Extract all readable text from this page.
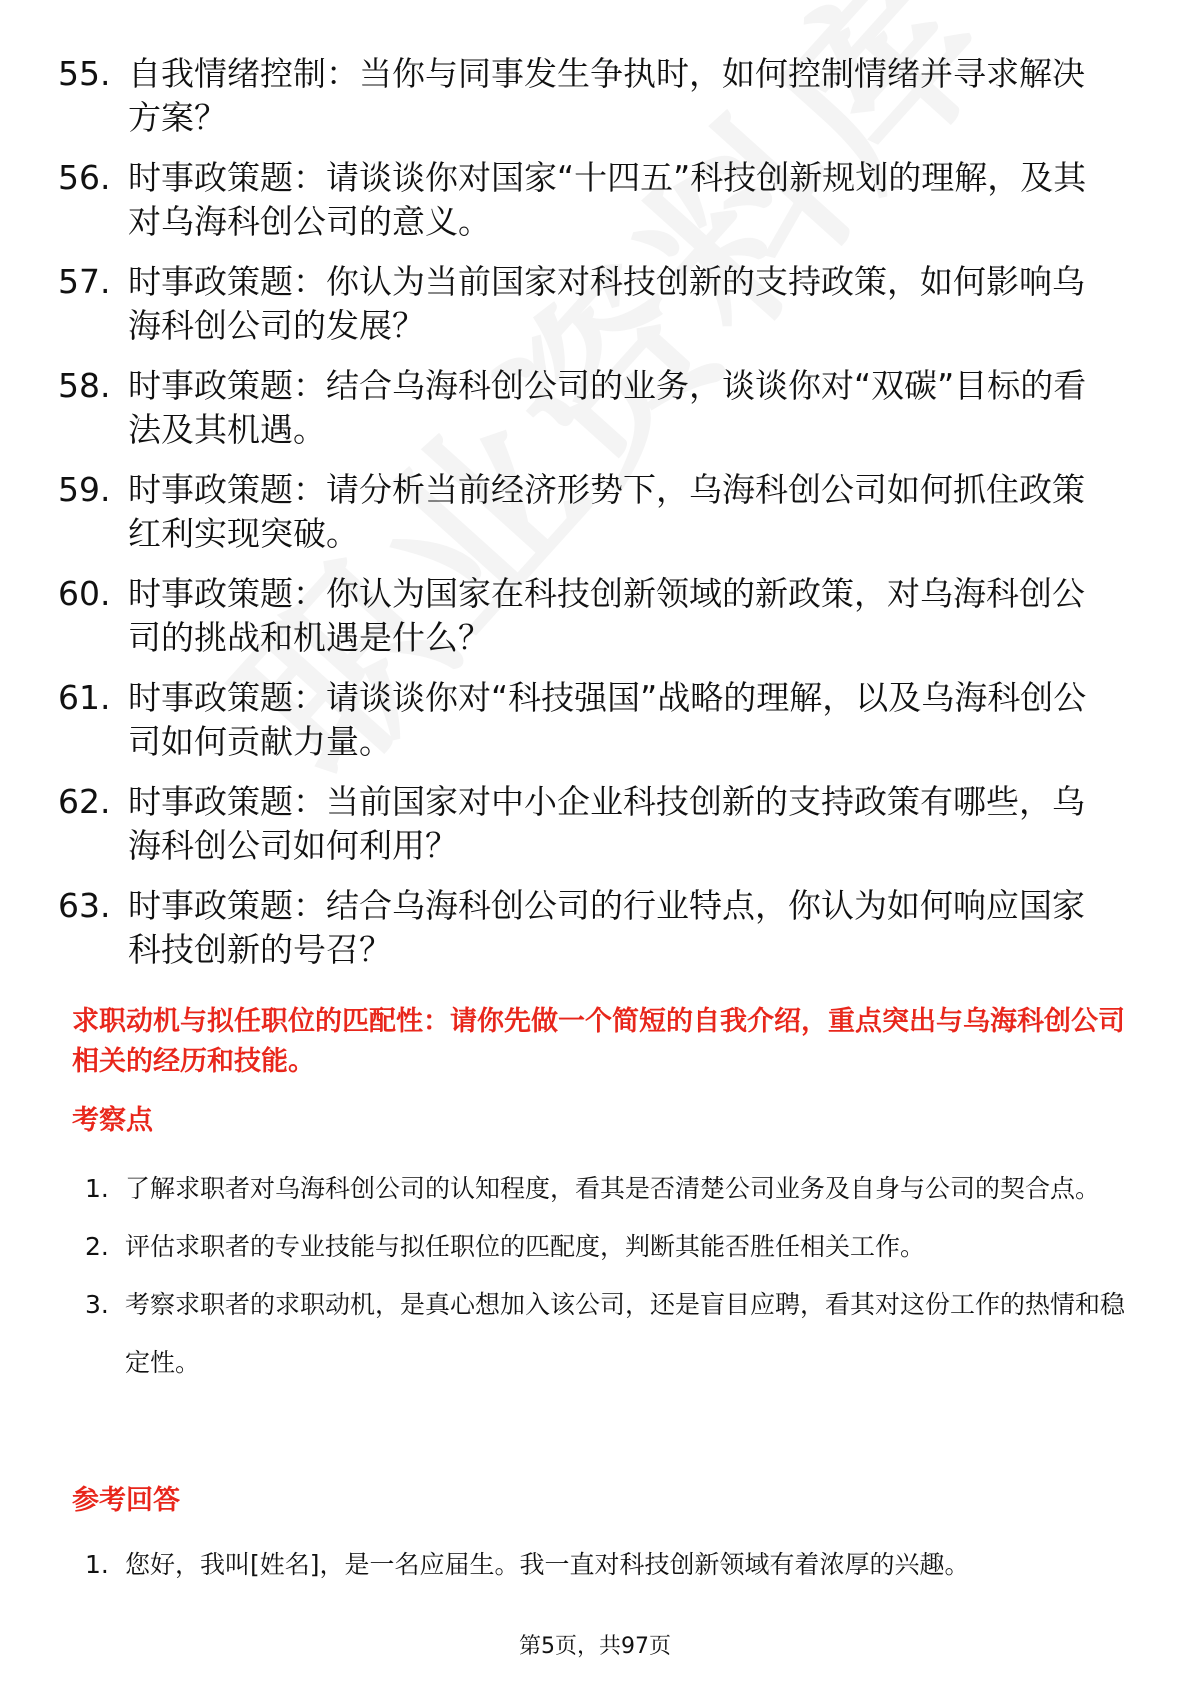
55. 自我情绪控制：当你与同事发生争执时，如何控制情绪并寻求解决方案？
56. 时事政策题：请谈谈你对国家“十四五”科技创新规划的理解，及其对乌海科创公司的意义。
57. 时事政策题：你认为当前国家对科技创新的支持政策，如何影响乌海科创公司的发展？
58. 时事政策题：结合乌海科创公司的业务，谈谈你对“双碳”目标的看法及其机遇。
59. 时事政策题：请分析当前经济形势下，乌海科创公司如何抓住政策红利实现突破。
60. 时事政策题：你认为国家在科技创新领域的新政策，对乌海科创公司的挑战和机遇是什么？
61. 时事政策题：请谈谈你对“科技强国”战略的理解，以及乌海科创公司如何贡献力量。
62. 时事政策题：当前国家对中小企业科技创新的支持政策有哪些，乌海科创公司如何利用？
63. 时事政策题：结合乌海科创公司的行业特点，你认为如何响应国家科技创新的号召？
求职动机与拟任职位的匹配性：请你先做一个简短的自我介绍，重点突出与乌海科创公司相关的经历和技能。
考察点
1. 了解求职者对乌海科创公司的认知程度，看其是否清楚公司业务及自身与公司的契合点。
2. 评估求职者的专业技能与拟任职位的匹配度，判断其能否胜任相关工作。
3. 考察求职者的求职动机，是真心想加入该公司，还是盲目应聘，看其对这份工作的热情和稳定性。
参考回答
1. 您好，我叫[姓名]，是一名应届生。我一直对科技创新领域有着浓厚的兴趣。
第5页，共97页
